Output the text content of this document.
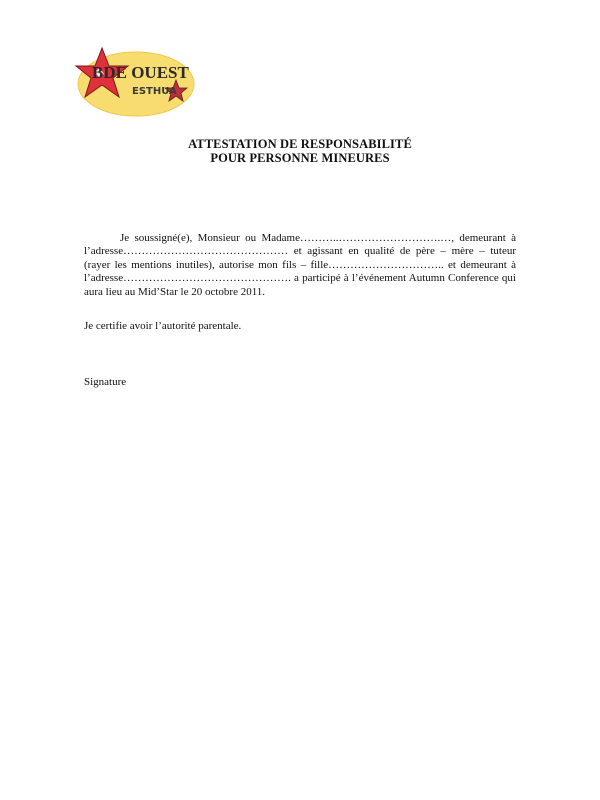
BDE OUEST
ESTHUA
ATTESTATION DE RESPONSABILITÉ
POUR PERSONNE MINEURES

Je soussigné(e), Monsieur ou Madame………..……………………….…, demeurant à l’adresse……………………………………… et agissant en qualité de père – mère – tuteur (rayer les mentions inutiles), autorise mon fils – fille………………………….. et demeurant à l’adresse………………………………………. a participé à l’événement Autumn Conference qui aura lieu au Mid’Star le 20 octobre 2011.

Je certifie avoir l’autorité parentale.
Signature
